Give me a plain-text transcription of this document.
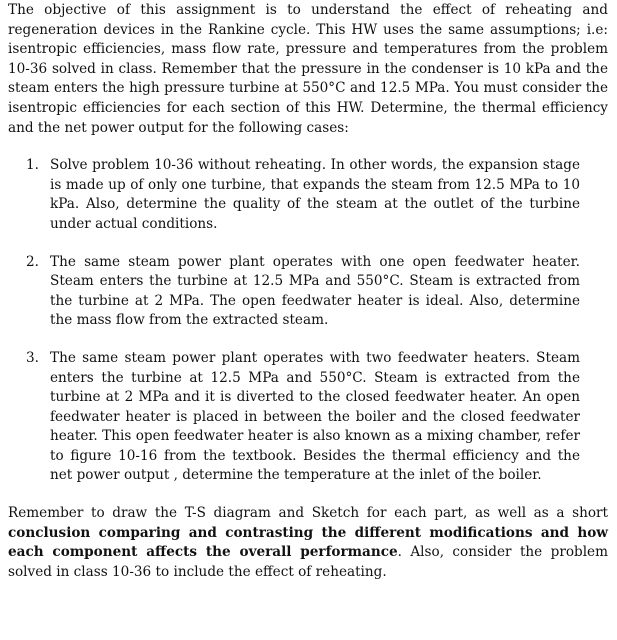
The objective of this assignment is to understand the effect of reheating and regeneration devices in the Rankine cycle. This HW uses the same assumptions; i.e: isentropic efficiencies, mass flow rate, pressure and temperatures from the problem 10-36 solved in class. Remember that the pressure in the condenser is 10 kPa and the steam enters the high pressure turbine at 550°C and 12.5 MPa. You must consider the isentropic efficiencies for each section of this HW. Determine, the thermal efficiency and the net power output for the following cases:

1. Solve problem 10-36 without reheating. In other words, the expansion stage is made up of only one turbine, that expands the steam from 12.5 MPa to 10 kPa. Also, determine the quality of the steam at the outlet of the turbine under actual conditions.

2. The same steam power plant operates with one open feedwater heater. Steam enters the turbine at 12.5 MPa and 550°C. Steam is extracted from the turbine at 2 MPa. The open feedwater heater is ideal. Also, determine the mass flow from the extracted steam.

3. The same steam power plant operates with two feedwater heaters. Steam enters the turbine at 12.5 MPa and 550°C. Steam is extracted from the turbine at 2 MPa and it is diverted to the closed feedwater heater. An open feedwater heater is placed in between the boiler and the closed feedwater heater. This open feedwater heater is also known as a mixing chamber, refer to figure 10-16 from the textbook. Besides the thermal efficiency and the net power output , determine the temperature at the inlet of the boiler.

Remember to draw the T-S diagram and Sketch for each part, as well as a short conclusion comparing and contrasting the different modifications and how each component affects the overall performance. Also, consider the problem solved in class 10-36 to include the effect of reheating.
